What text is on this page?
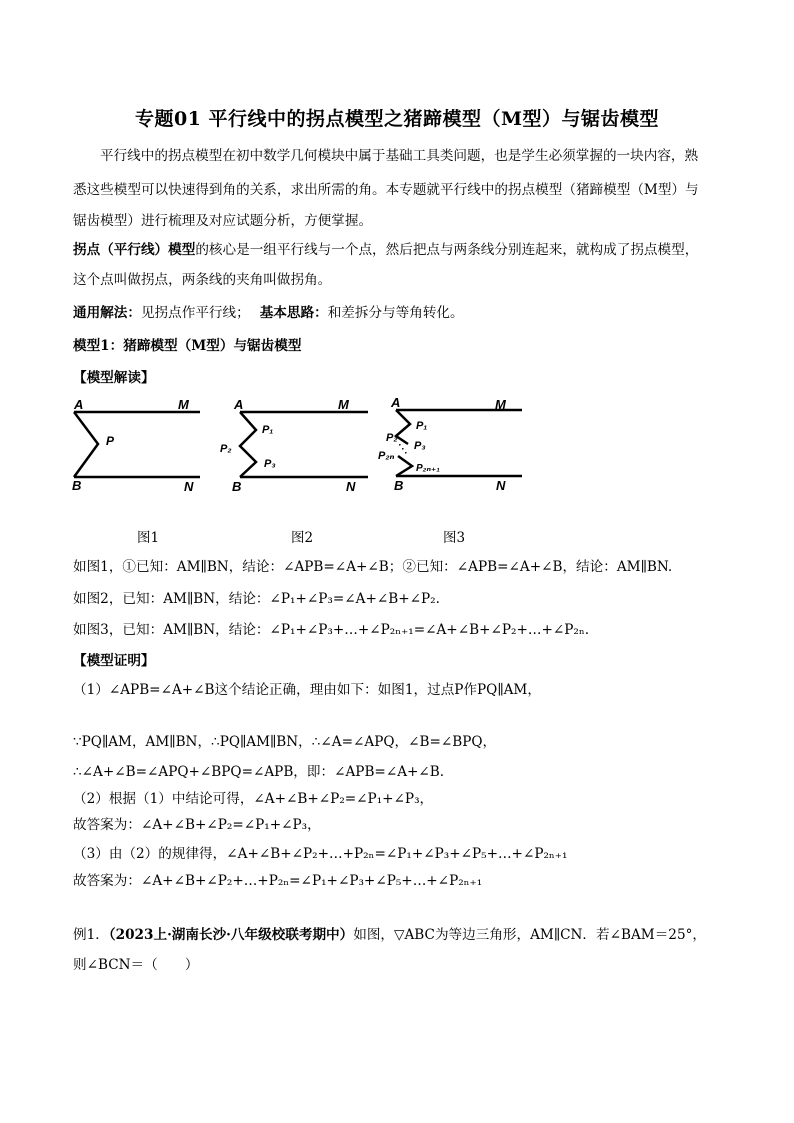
专题01 平行线中的拐点模型之猪蹄模型（M型）与锯齿模型
平行线中的拐点模型在初中数学几何模块中属于基础工具类问题，也是学生必须掌握的一块内容，熟
悉这些模型可以快速得到角的关系，求出所需的角。本专题就平行线中的拐点模型（猪蹄模型（M型）与
锯齿模型）进行梳理及对应试题分析，方便掌握。
拐点（平行线）模型的核心是一组平行线与一个点，然后把点与两条线分别连起来，就构成了拐点模型，
这个点叫做拐点，两条线的夹角叫做拐角。
通用解法：见拐点作平行线； 基本思路：和差拆分与等角转化。
模型1：猪蹄模型（M型）与锯齿模型
【模型解读】
A	M
P
B	N
A	M
P₁
P₂
P₃
B	N
· · ·
A	M
P₁
P₂
P₃
P₂ₙ
P₂ₙ₊₁
B	N
图1	图2	图3
如图1，①已知：AM∥BN，结论：∠APB=∠A+∠B；②已知：∠APB=∠A+∠B，结论：AM∥BN.
如图2，已知：AM∥BN，结论：∠P₁+∠P₃=∠A+∠B+∠P₂.
如图3，已知：AM∥BN，结论：∠P₁+∠P₃+…+∠P₂ₙ₊₁=∠A+∠B+∠P₂+…+∠P₂ₙ.
【模型证明】
（1）∠APB=∠A+∠B这个结论正确，理由如下：如图1，过点P作PQ∥AM，
∵PQ∥AM，AM∥BN，∴PQ∥AM∥BN，∴∠A=∠APQ，∠B=∠BPQ，
∴∠A+∠B=∠APQ+∠BPQ=∠APB，即：∠APB=∠A+∠B.
（2）根据（1）中结论可得，∠A+∠B+∠P₂=∠P₁+∠P₃，
故答案为：∠A+∠B+∠P₂=∠P₁+∠P₃，
（3）由（2）的规律得，∠A+∠B+∠P₂+…+P₂ₙ=∠P₁+∠P₃+∠P₅+…+∠P₂ₙ₊₁
故答案为：∠A+∠B+∠P₂+…+P₂ₙ=∠P₁+∠P₃+∠P₅+…+∠P₂ₙ₊₁
例1．（2023上·湖南长沙·八年级校联考期中）如图，▽ABC为等边三角形，AM∥CN．若∠BAM＝25°，
则∠BCN＝（　　）
